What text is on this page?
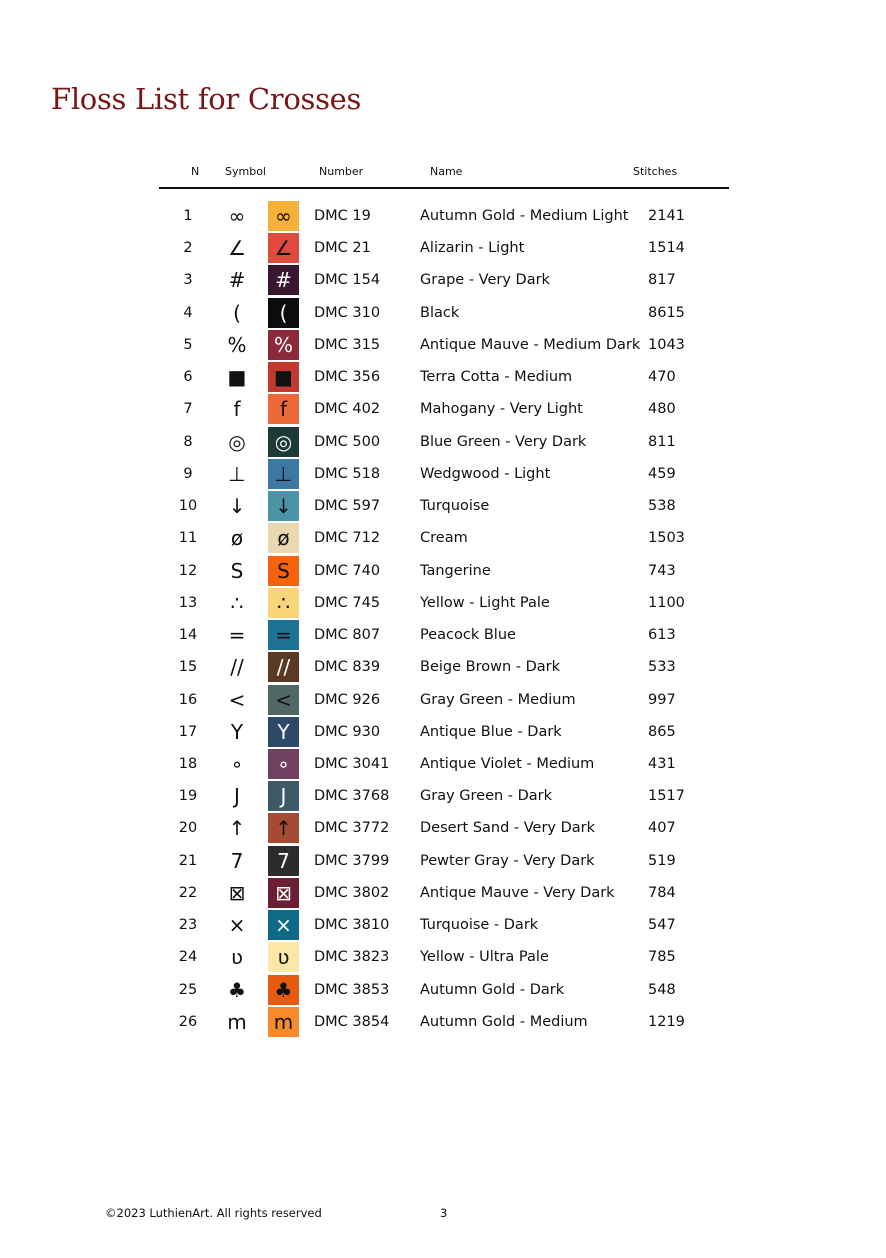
Floss List for Crosses
N Symbol	Number	Name	Stitches
1	∞	∞	DMC 19	Autumn Gold - Medium Light 2141
2	∠	∠	DMC 21	Alizarin - Light	1514
3	#	#	DMC 154	Grape - Very Dark	817
4	(	(	DMC 310	Black	8615
5	%	%	DMC 315	Antique Mauve - Medium Dark 1043
6	■	■	DMC 356	Terra Cotta - Medium	470
7	f	f	DMC 402	Mahogany - Very Light	480
8	◎	◎	DMC 500	Blue Green - Very Dark	811
9	⊥	⊥	DMC 518	Wedgwood - Light	459
10	↓	↓	DMC 597	Turquoise	538
11	ø	ø	DMC 712	Cream	1503
12	S	S	DMC 740	Tangerine	743
13	∴	∴	DMC 745	Yellow - Light Pale	1100
14	=	=	DMC 807	Peacock Blue	613
15	//	//	DMC 839	Beige Brown - Dark	533
16	<	<	DMC 926	Gray Green - Medium	997
17	Y	Y	DMC 930	Antique Blue - Dark	865
18	∘	∘	DMC 3041 Antique Violet - Medium	431
19	J	J	DMC 3768 Gray Green - Dark	1517
20	↑	↑	DMC 3772 Desert Sand - Very Dark	407
21	7	7	DMC 3799 Pewter Gray - Very Dark	519
22	⊠	⊠	DMC 3802 Antique Mauve - Very Dark 784
23	×	×	DMC 3810 Turquoise - Dark	547
24	ʋ	ʋ	DMC 3823 Yellow - Ultra Pale	785
25	♣	♣	DMC 3853 Autumn Gold - Dark	548
26	m	m	DMC 3854 Autumn Gold - Medium	1219
©2023 LuthienArt. All rights reserved	3
